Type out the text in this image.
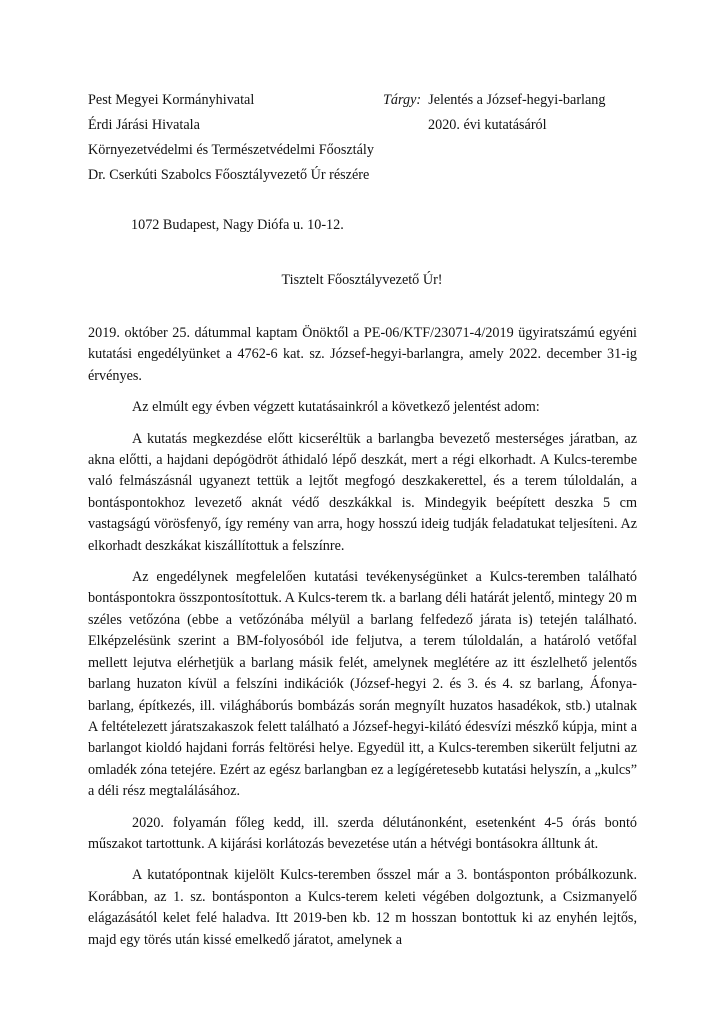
Pest Megyei Kormányhivatal
Érdi Járási Hivatala
Környezetvédelmi és Természetvédelmi Főosztály
Dr. Cserkúti Szabolcs Főosztályvezető Úr részére
Tárgy: Jelentés a József-hegyi-barlang
2020. évi kutatásáról
1072 Budapest, Nagy Diófa u. 10-12.
Tisztelt Főosztályvezető Úr!

2019. október 25. dátummal kaptam Önöktől a PE-06/KTF/23071-4/2019 ügyiratszámú egyéni kutatási engedélyünket a 4762-6 kat. sz. József-hegyi-barlangra, amely 2022. december 31-ig érvényes.

Az elmúlt egy évben végzett kutatásainkról a következő jelentést adom:

A kutatás megkezdése előtt kicseréltük a barlangba bevezető mesterséges járatban, az akna előtti, a hajdani depógödröt áthidaló lépő deszkát, mert a régi elkorhadt. A Kulcs-terembe való felmászásnál ugyanezt tettük a lejtőt megfogó deszkakerettel, és a terem túloldalán, a bontáspontokhoz levezető aknát védő deszkákkal is. Mindegyik beépített deszka 5 cm vastagságú vörösfenyő, így remény van arra, hogy hosszú ideig tudják feladatukat teljesíteni. Az elkorhadt deszkákat kiszállítottuk a felszínre.

Az engedélynek megfelelően kutatási tevékenységünket a Kulcs-teremben található bontáspontokra összpontosítottuk. A Kulcs-terem tk. a barlang déli határát jelentő, mintegy 20 m széles vetőzóna (ebbe a vetőzónába mélyül a barlang felfedező járata is) tetején található. Elképzelésünk szerint a BM-folyosóból ide feljutva, a terem túloldalán, a határoló vetőfal mellett lejutva elérhetjük a barlang másik felét, amelynek meglétére az itt észlelhető jelentős barlang huzaton kívül a felszíni indikációk (József-hegyi 2. és 3. és 4. sz barlang, Áfonya-barlang, építkezés, ill. világháborús bombázás során megnyílt huzatos hasadékok, stb.) utalnak A feltételezett járatszakaszok felett található a József-hegyi-kilátó édesvízi mészkő kúpja, mint a barlangot kioldó hajdani forrás feltörési helye. Egyedül itt, a Kulcs-teremben sikerült feljutni az omladék zóna tetejére. Ezért az egész barlangban ez a legígéretesebb kutatási helyszín, a „kulcs” a déli rész megtalálásához.

2020. folyamán főleg kedd, ill. szerda délutánonként, esetenként 4-5 órás bontó műszakot tartottunk. A kijárási korlátozás bevezetése után a hétvégi bontásokra álltunk át.

A kutatópontnak kijelölt Kulcs-teremben ősszel már a 3. bontásponton próbálkozunk. Korábban, az 1. sz. bontásponton a Kulcs-terem keleti végében dolgoztunk, a Csizmanyelő elágazásától kelet felé haladva. Itt 2019-ben kb. 12 m hosszan bontottuk ki az enyhén lejtős, majd egy törés után kissé emelkedő járatot, amelynek a
